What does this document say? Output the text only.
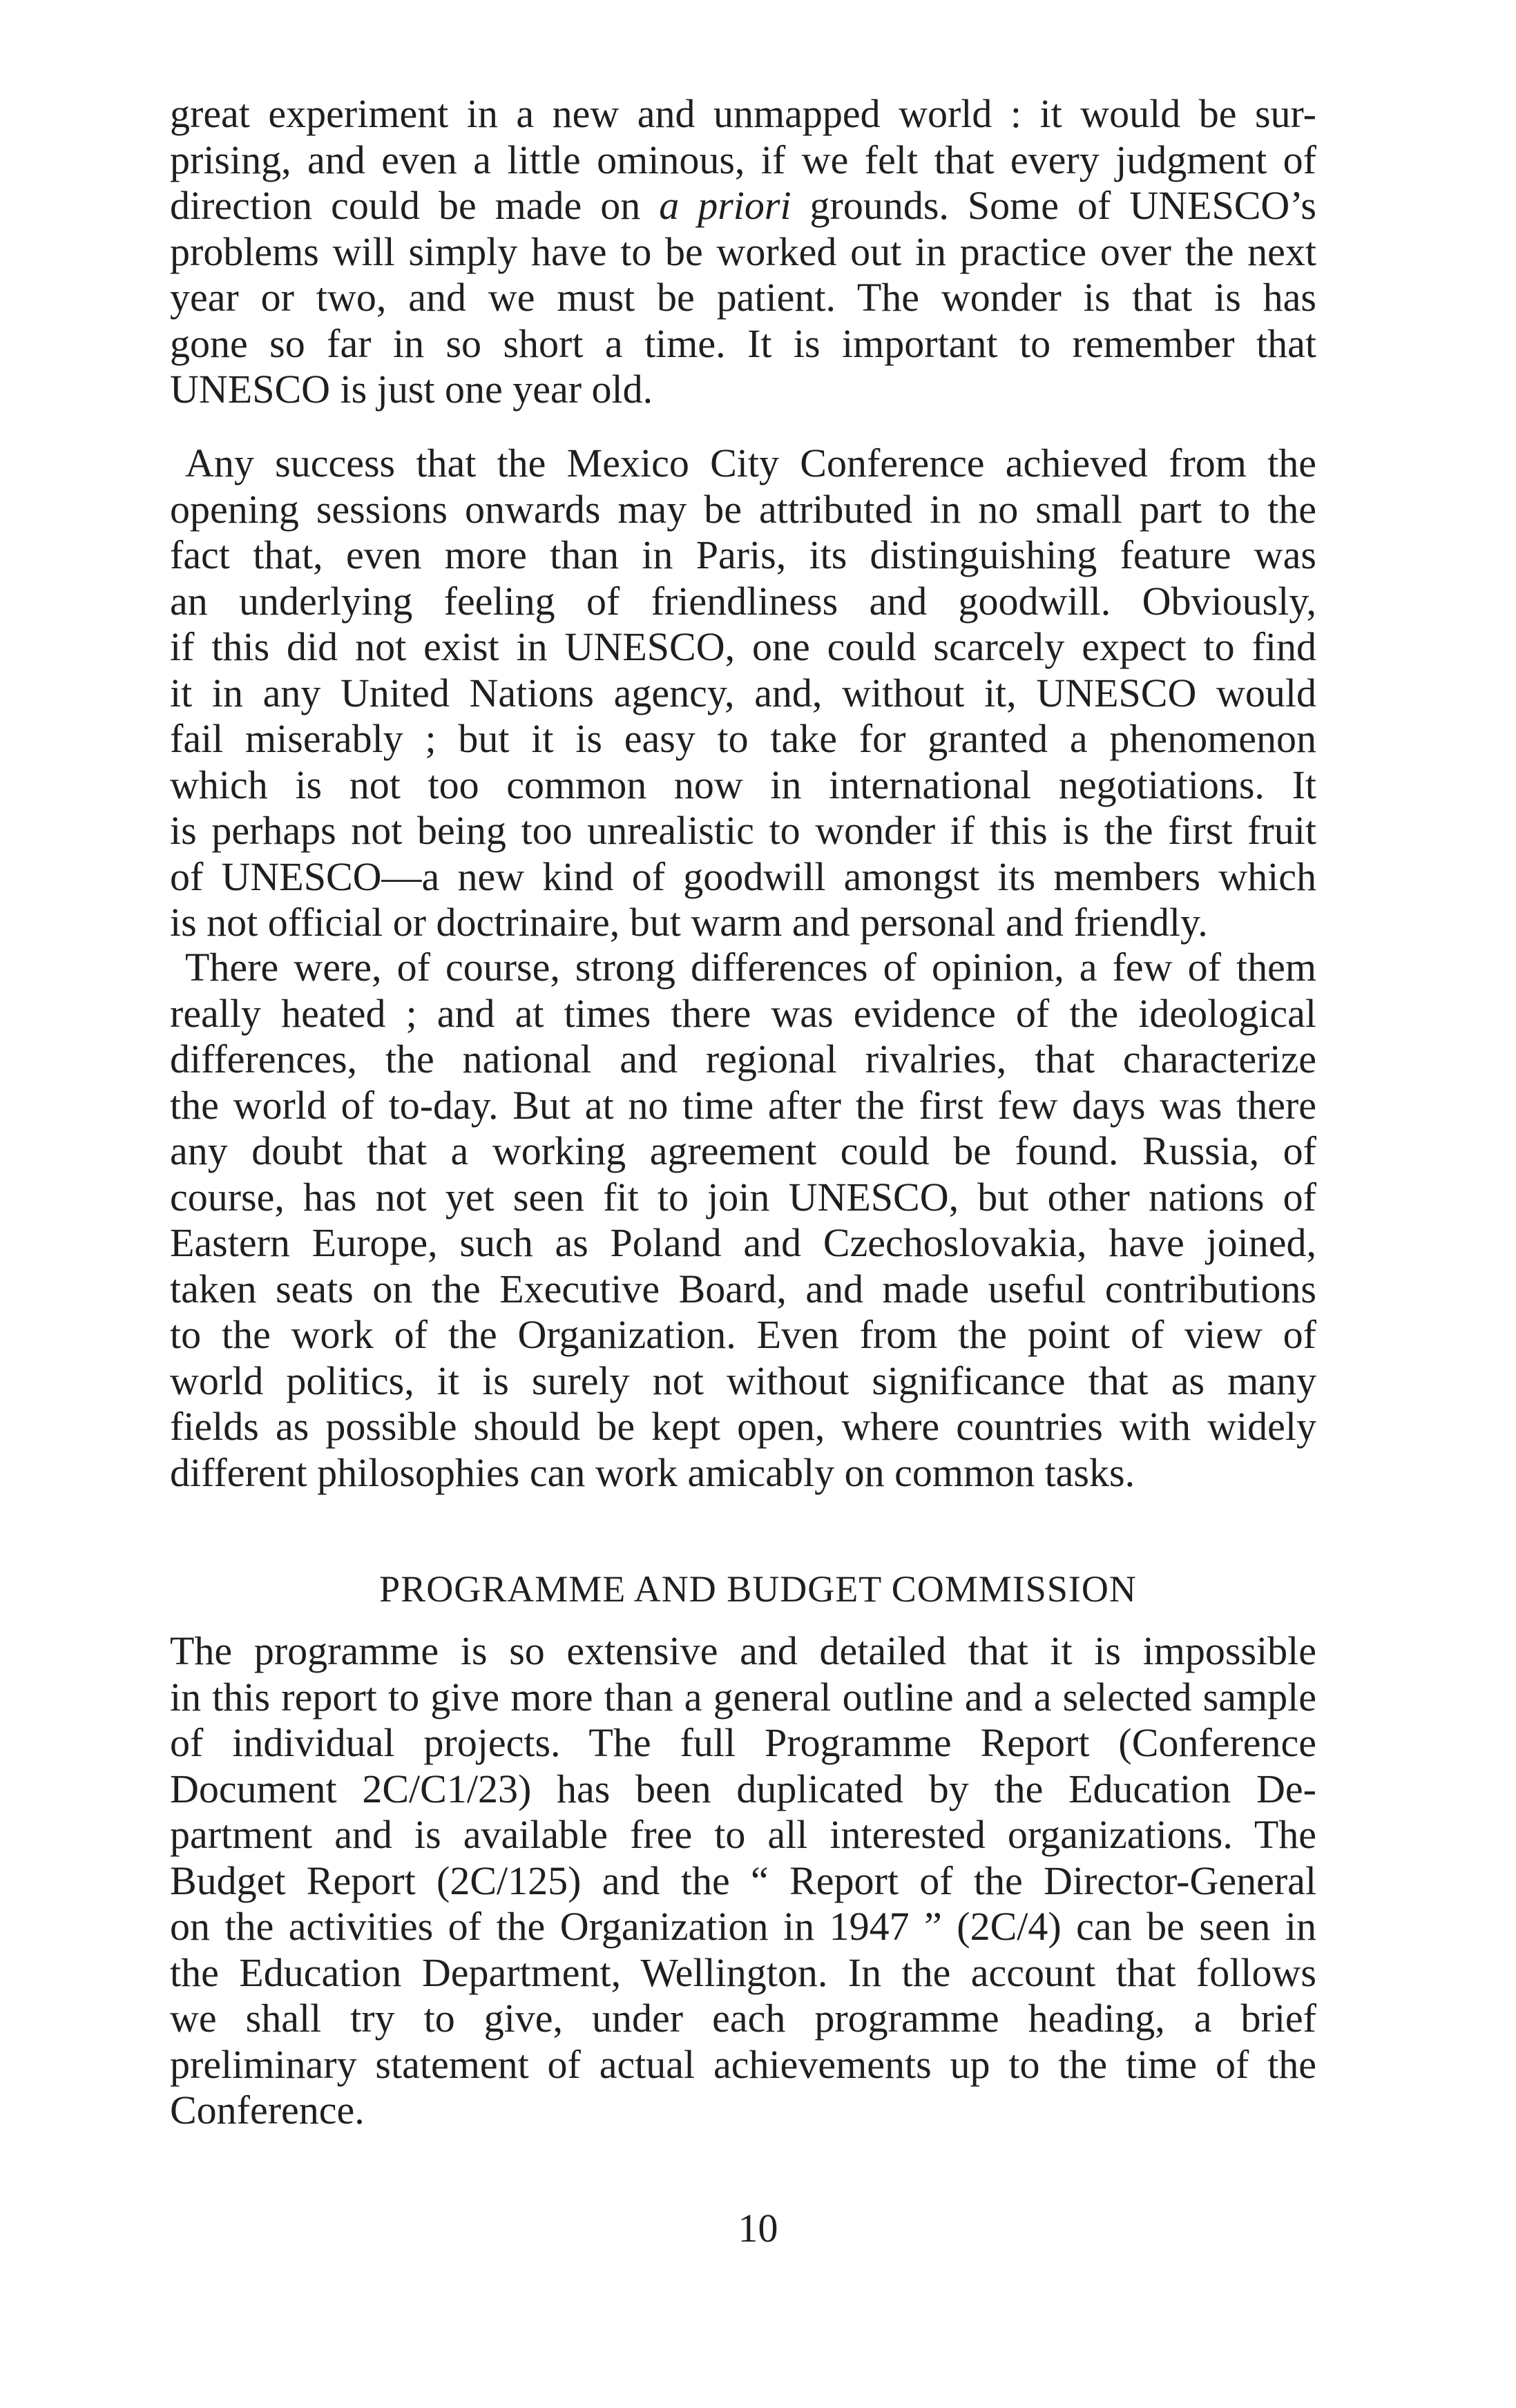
great experiment in a new and unmapped world : it would be sur-
prising, and even a little ominous, if we felt that every judgment of
direction could be made on a priori grounds. Some of UNESCO’s
problems will simply have to be worked out in practice over the next
year or two, and we must be patient. The wonder is that is has
gone so far in so short a time. It is important to remember that
UNESCO is just one year old.

Any success that the Mexico City Conference achieved from the
opening sessions onwards may be attributed in no small part to the
fact that, even more than in Paris, its distinguishing feature was
an underlying feeling of friendliness and goodwill. Obviously,
if this did not exist in UNESCO, one could scarcely expect to find
it in any United Nations agency, and, without it, UNESCO would
fail miserably ; but it is easy to take for granted a phenomenon
which is not too common now in international negotiations. It
is perhaps not being too unrealistic to wonder if this is the first fruit
of UNESCO—a new kind of goodwill amongst its members which
is not official or doctrinaire, but warm and personal and friendly.

There were, of course, strong differences of opinion, a few of them
really heated ; and at times there was evidence of the ideological
differences, the national and regional rivalries, that characterize
the world of to-day. But at no time after the first few days was there
any doubt that a working agreement could be found. Russia, of
course, has not yet seen fit to join UNESCO, but other nations of
Eastern Europe, such as Poland and Czechoslovakia, have joined,
taken seats on the Executive Board, and made useful contributions
to the work of the Organization. Even from the point of view of
world politics, it is surely not without significance that as many
fields as possible should be kept open, where countries with widely
different philosophies can work amicably on common tasks.

PROGRAMME AND BUDGET COMMISSION

The programme is so extensive and detailed that it is impossible
in this report to give more than a general outline and a selected sample
of individual projects. The full Programme Report (Conference
Document 2C/C1/23) has been duplicated by the Education De-
partment and is available free to all interested organizations. The
Budget Report (2C/125) and the “ Report of the Director-General
on the activities of the Organization in 1947 ” (2C/4) can be seen in
the Education Department, Wellington. In the account that follows
we shall try to give, under each programme heading, a brief
preliminary statement of actual achievements up to the time of the
Conference.

10
